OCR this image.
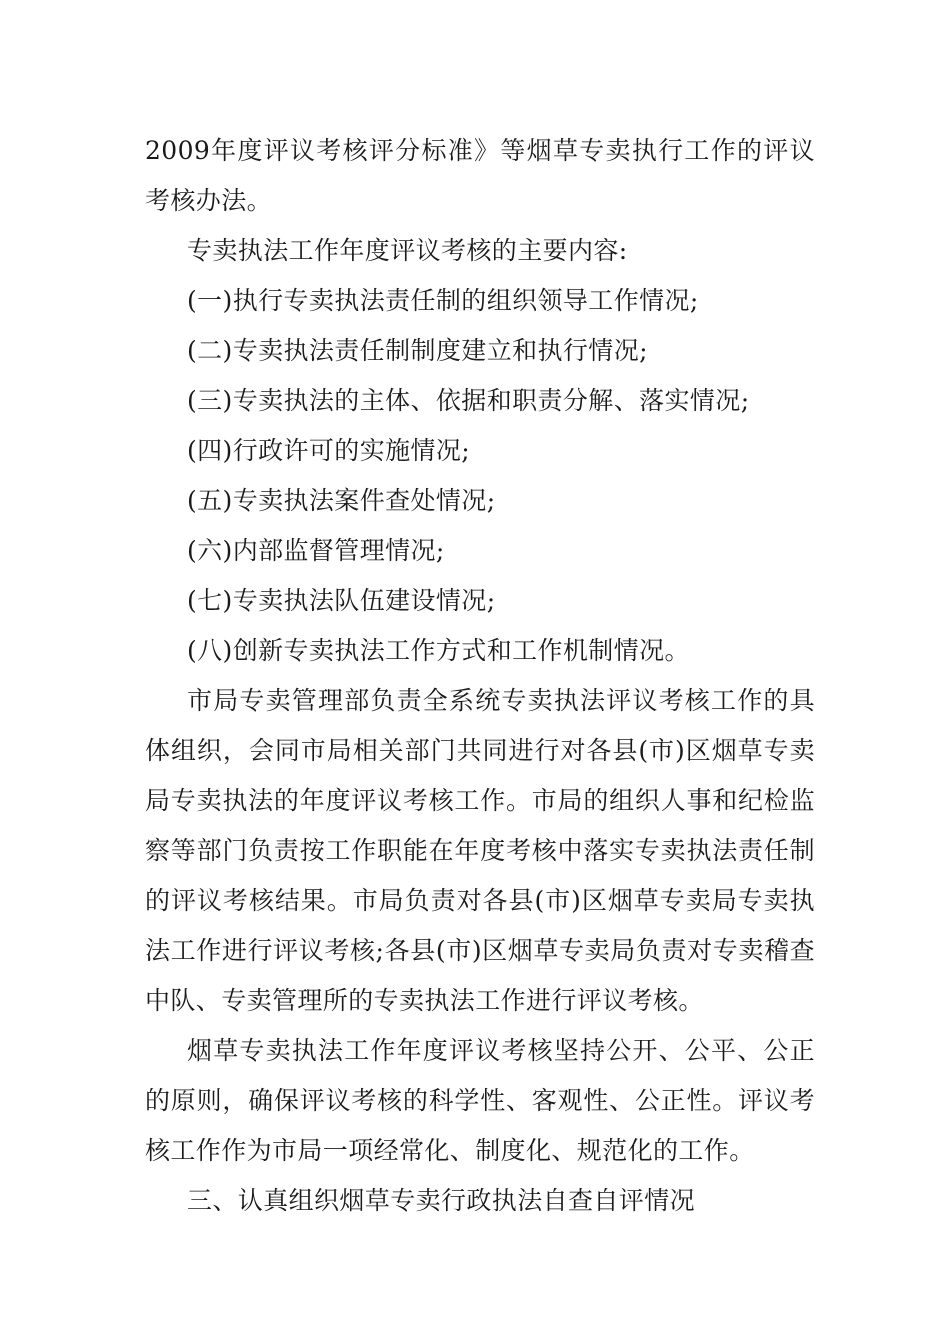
2009年度评议考核评分标准》等烟草专卖执行工作的评议考核办法。

专卖执法工作年度评议考核的主要内容:

(一)执行专卖执法责任制的组织领导工作情况;

(二)专卖执法责任制制度建立和执行情况;

(三)专卖执法的主体、依据和职责分解、落实情况;

(四)行政许可的实施情况;

(五)专卖执法案件查处情况;

(六)内部监督管理情况;

(七)专卖执法队伍建设情况;

(八)创新专卖执法工作方式和工作机制情况。

市局专卖管理部负责全系统专卖执法评议考核工作的具体组织，会同市局相关部门共同进行对各县(市)区烟草专卖局专卖执法的年度评议考核工作。市局的组织人事和纪检监察等部门负责按工作职能在年度考核中落实专卖执法责任制的评议考核结果。市局负责对各县(市)区烟草专卖局专卖执法工作进行评议考核;各县(市)区烟草专卖局负责对专卖稽查中队、专卖管理所的专卖执法工作进行评议考核。

烟草专卖执法工作年度评议考核坚持公开、公平、公正的原则，确保评议考核的科学性、客观性、公正性。评议考核工作作为市局一项经常化、制度化、规范化的工作。

三、认真组织烟草专卖行政执法自查自评情况
